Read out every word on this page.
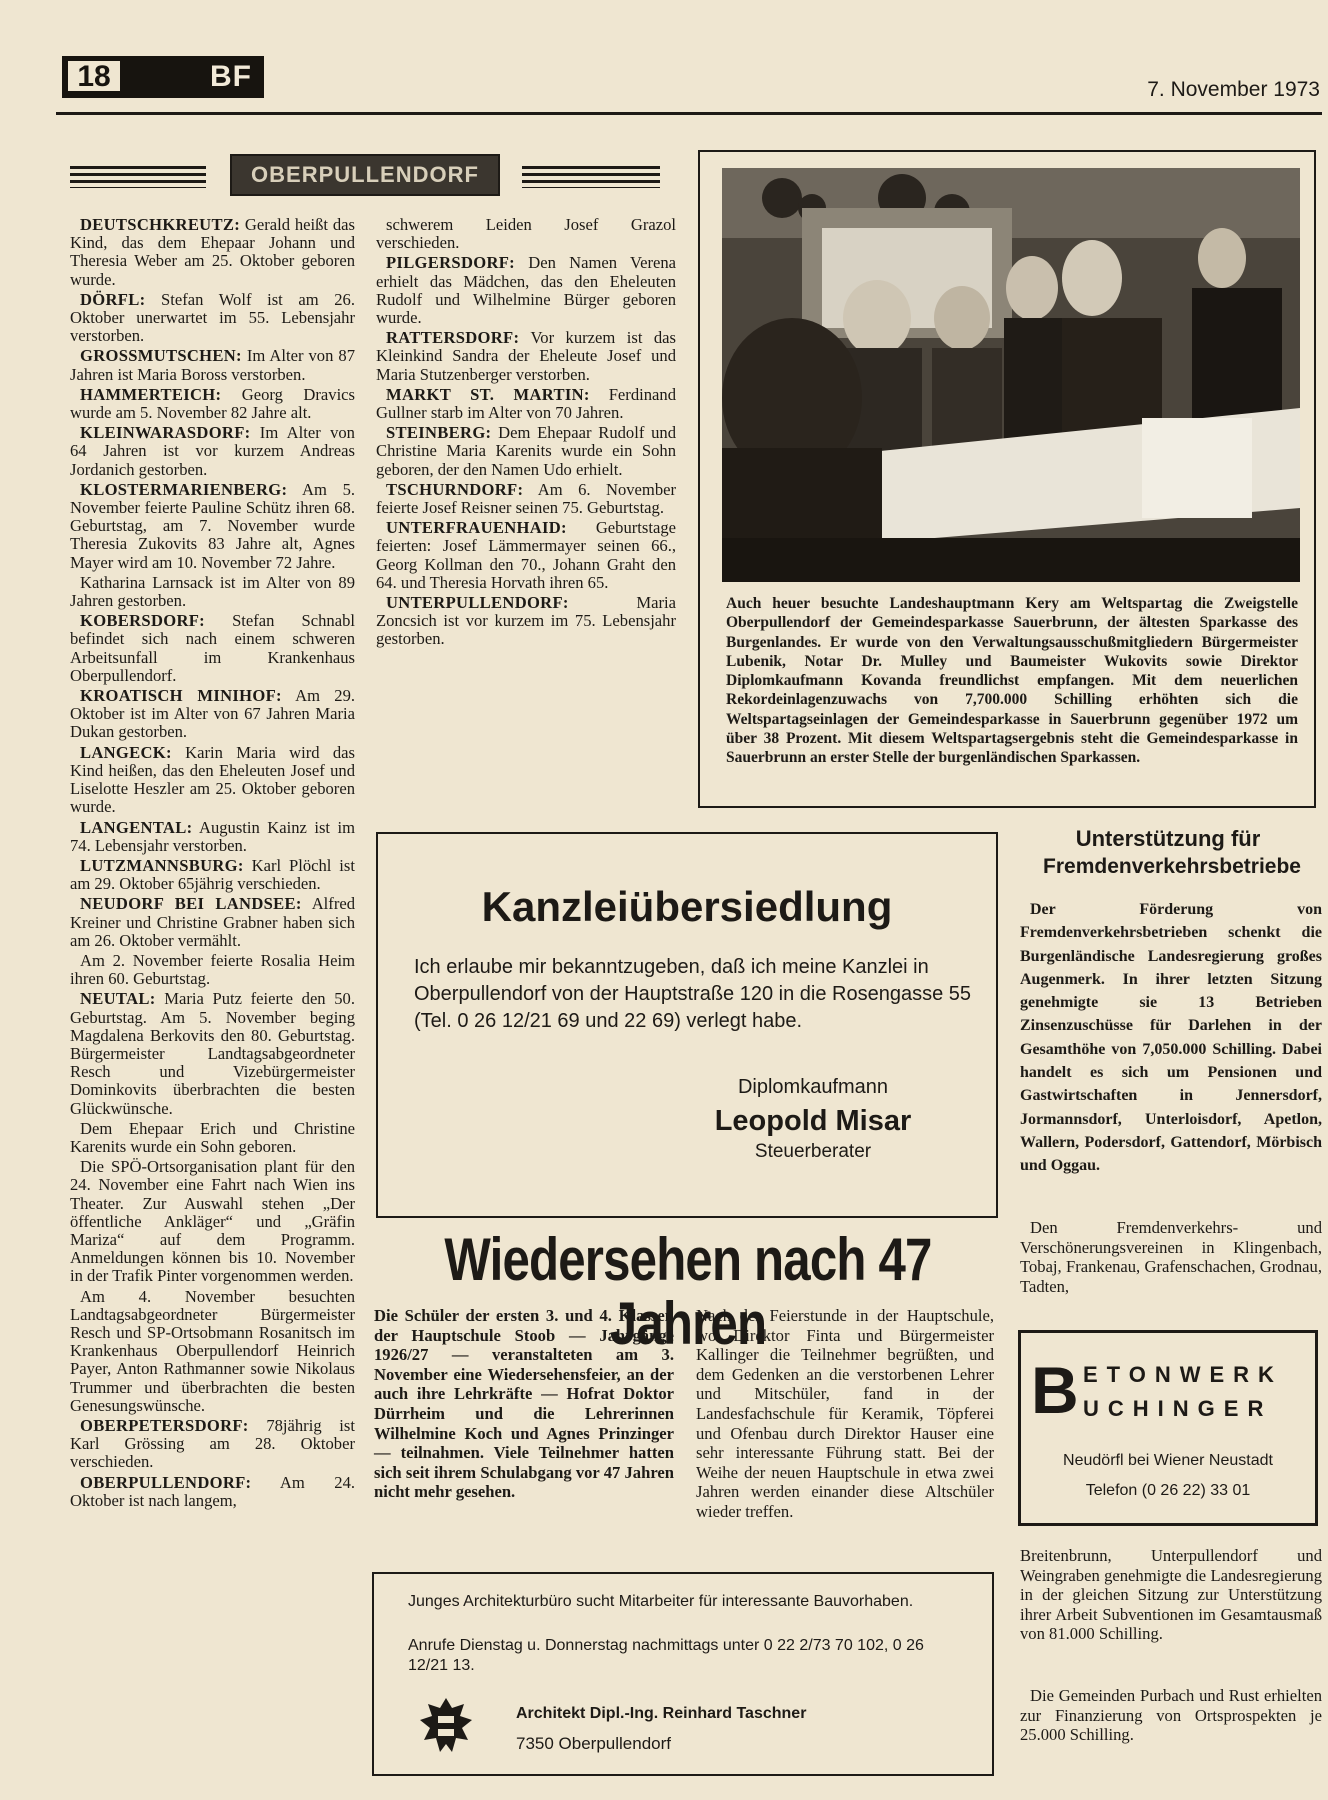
18	BF	7. November 1973
OBERPULLENDORF

DEUTSCHKREUTZ: Gerald heißt das Kind, das dem Ehepaar Johann und Theresia Weber am 25. Oktober geboren wurde.

DÖRFL: Stefan Wolf ist am 26. Oktober unerwartet im 55. Lebensjahr verstorben.

GROSSMUTSCHEN: Im Alter von 87 Jahren ist Maria Boross verstorben.

HAMMERTEICH: Georg Dravics wurde am 5. November 82 Jahre alt.

KLEINWARASDORF: Im Alter von 64 Jahren ist vor kurzem Andreas Jordanich gestorben.

KLOSTERMARIENBERG: Am 5. November feierte Pauline Schütz ihren 68. Geburtstag, am 7. November wurde Theresia Zukovits 83 Jahre alt, Agnes Mayer wird am 10. November 72 Jahre.

Katharina Larnsack ist im Alter von 89 Jahren gestorben.

KOBERSDORF: Stefan Schnabl befindet sich nach einem schweren Arbeitsunfall im Krankenhaus Oberpullendorf.

KROATISCH MINIHOF: Am 29. Oktober ist im Alter von 67 Jahren Maria Dukan gestorben.

LANGECK: Karin Maria wird das Kind heißen, das den Eheleuten Josef und Liselotte Heszler am 25. Oktober geboren wurde.

LANGENTAL: Augustin Kainz ist im 74. Lebensjahr verstorben.

LUTZMANNSBURG: Karl Plöchl ist am 29. Oktober 65jährig verschieden.

NEUDORF BEI LANDSEE: Alfred Kreiner und Christine Grabner haben sich am 26. Oktober vermählt.

Am 2. November feierte Rosalia Heim ihren 60. Geburtstag.

NEUTAL: Maria Putz feierte den 50. Geburtstag. Am 5. November beging Magdalena Berkovits den 80. Geburtstag. Bürgermeister Landtagsabgeordneter Resch und Vizebürgermeister Dominkovits überbrachten die besten Glückwünsche.

Dem Ehepaar Erich und Christine Karenits wurde ein Sohn geboren.

Die SPÖ-Ortsorganisation plant für den 24. November eine Fahrt nach Wien ins Theater. Zur Auswahl stehen „Der öffentliche Ankläger“ und „Gräfin Mariza“ auf dem Programm. Anmeldungen können bis 10. November in der Trafik Pinter vorgenommen werden.

Am 4. November besuchten Landtagsabgeordneter Bürgermeister Resch und SP-Ortsobmann Rosanitsch im Krankenhaus Oberpullendorf Heinrich Payer, Anton Rathmanner sowie Nikolaus Trummer und überbrachten die besten Genesungswünsche.

OBERPETERSDORF: 78jährig ist Karl Grössing am 28. Oktober verschieden.

OBERPULLENDORF: Am 24. Oktober ist nach langem,

schwerem Leiden Josef Grazol verschieden.

PILGERSDORF: Den Namen Verena erhielt das Mädchen, das den Eheleuten Rudolf und Wilhelmine Bürger geboren wurde.

RATTERSDORF: Vor kurzem ist das Kleinkind Sandra der Eheleute Josef und Maria Stutzenberger verstorben.

MARKT ST. MARTIN: Ferdinand Gullner starb im Alter von 70 Jahren.

STEINBERG: Dem Ehepaar Rudolf und Christine Maria Karenits wurde ein Sohn geboren, der den Namen Udo erhielt.

TSCHURNDORF: Am 6. November feierte Josef Reisner seinen 75. Geburtstag.

UNTERFRAUENHAID: Geburtstage feierten: Josef Lämmermayer seinen 66., Georg Kollman den 70., Johann Graht den 64. und Theresia Horvath ihren 65.

UNTERPULLENDORF:	Maria Zoncsich ist vor kurzem im 75. Lebensjahr gestorben.

Auch heuer besuchte Landeshauptmann Kery am Weltspartag die Zweigstelle Oberpullendorf der Gemeindesparkasse Sauerbrunn, der ältesten Sparkasse des Burgenlandes. Er wurde von den Verwaltungsausschußmitgliedern Bürgermeister Lubenik, Notar Dr. Mulley und Baumeister Wukovits sowie Direktor Diplomkaufmann Kovanda freundlichst empfangen. Mit dem neuerlichen Rekordeinlagenzuwachs von 7,700.000 Schilling erhöhten sich die Weltspartagseinlagen der Gemeindesparkasse in Sauerbrunn gegenüber 1972 um über 38 Prozent. Mit diesem Weltspartagsergebnis steht die Gemeindesparkasse in Sauerbrunn an erster Stelle der burgenländischen Sparkassen.
Kanzleiübersiedlung
Ich erlaube mir bekanntzugeben, daß ich meine Kanzlei in Oberpullendorf von der Hauptstraße 120 in die Rosengasse 55 (Tel. 0 26 12/21 69 und 22 69) verlegt habe.
Diplomkaufmann
Leopold Misar
Steuerberater
Wiedersehen nach 47 Jahren
Die Schüler der ersten 3. und 4. Klassen der Hauptschule Stoob — Jahrgänge 1926/27 — veranstalteten am 3. November eine Wiedersehensfeier, an der auch ihre Lehrkräfte — Hofrat Doktor Dürrheim und die Lehrerinnen Wilhelmine Koch und Agnes Prinzinger — teilnahmen. Viele Teilnehmer hatten sich seit ihrem Schulabgang vor 47 Jahren nicht mehr gesehen.
Nach der Feierstunde in der Hauptschule, wo Direktor Finta und Bürgermeister Kallinger die Teilnehmer begrüßten, und dem Gedenken an die verstorbenen Lehrer und Mitschüler, fand in der Landesfachschule für Keramik, Töpferei und Ofenbau durch Direktor Hauser eine sehr interessante Führung statt. Bei der Weihe der neuen Hauptschule in etwa zwei Jahren werden einander diese Altschüler wieder treffen.
Junges Architekturbüro sucht Mitarbeiter für interessante Bauvorhaben.
Anrufe Dienstag u. Donnerstag nachmittags unter 0 22 2/73 70 102, 0 26 12/21 13.
Architekt Dipl.-Ing. Reinhard Taschner
7350 Oberpullendorf
Unterstützung für
Fremdenverkehrsbetriebe
Der Förderung von Fremdenverkehrsbetrieben schenkt die Burgenländische Landesregierung großes Augenmerk. In ihrer letzten Sitzung genehmigte sie 13 Betrieben Zinsenzuschüsse für Darlehen in der Gesamthöhe von 7,050.000 Schilling. Dabei handelt es sich um Pensionen und Gastwirtschaften in Jennersdorf, Jormannsdorf, Unterloisdorf, Apetlon, Wallern, Podersdorf, Gattendorf, Mörbisch und Oggau.
Den Fremdenverkehrs- und Verschönerungsvereinen in Klingenbach, Tobaj, Frankenau, Grafenschachen, Grodnau, Tadten,
B ETONWERK
UCHINGER
Neudörfl bei Wiener Neustadt
Telefon (0 26 22) 33 01
Breitenbrunn, Unterpullendorf und Weingraben genehmigte die Landesregierung in der gleichen Sitzung zur Unterstützung ihrer Arbeit Subventionen im Gesamtausmaß von 81.000 Schilling.
Die Gemeinden Purbach und Rust erhielten zur Finanzierung von Ortsprospekten je 25.000 Schilling.
